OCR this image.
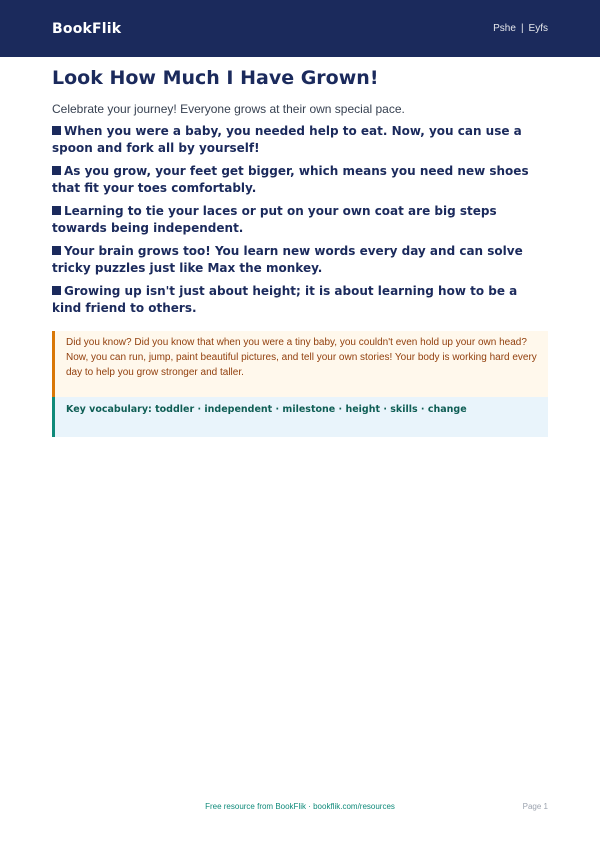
BookFlik	Pshe | Eyfs
Look How Much I Have Grown!

Celebrate your journey! Everyone grows at their own special pace.

When you were a baby, you needed help to eat. Now, you can use a spoon and fork all by yourself!
As you grow, your feet get bigger, which means you need new shoes that fit your toes comfortably.
Learning to tie your laces or put on your own coat are big steps towards being independent.
Your brain grows too! You learn new words every day and can solve tricky puzzles just like Max the monkey.
Growing up isn't just about height; it is about learning how to be a kind friend to others.
Did you know? Did you know that when you were a tiny baby, you couldn't even hold up your own head? Now, you can run, jump, paint beautiful pictures, and tell your own stories! Your body is working hard every day to help you grow stronger and taller.
Key vocabulary: toddler · independent · milestone · height · skills · change
Free resource from BookFlik · bookflik.com/resources	Page 1
